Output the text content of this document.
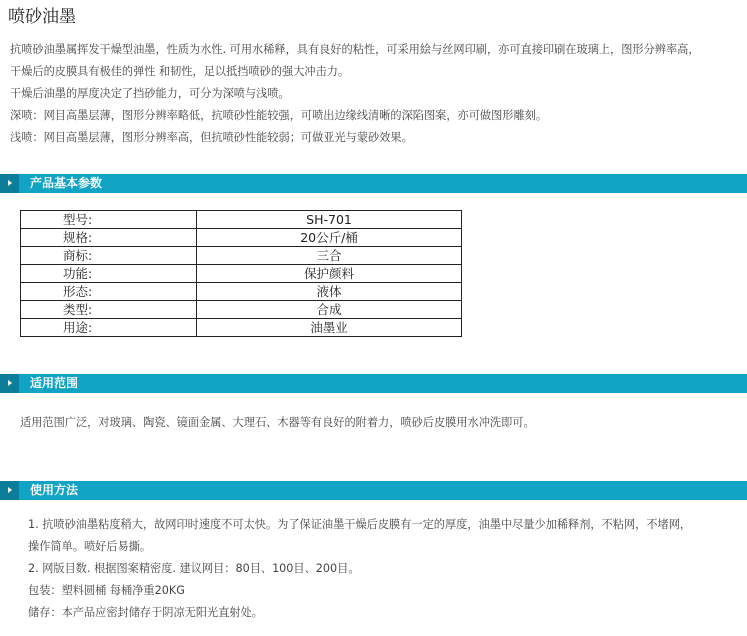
喷砂油墨
抗喷砂油墨属挥发干燥型油墨，性质为水性. 可用水稀释，具有良好的粘性，可采用絵与丝网印刷，亦可直接印刷在玻璃上，图形分辨率高，
干燥后的皮膜具有极佳的弹性 和韧性，足以抵挡喷砂的强大冲击力。
干燥后油墨的厚度决定了挡砂能力，可分为深喷与浅喷。
深喷：网目高墨层薄，图形分辨率略低，抗喷砂性能较强，可喷出边缘线清晰的深陷图案，亦可做图形雕刻。
浅喷：网目高墨层薄，图形分辨率高，但抗喷砂性能较弱；可做亚光与蒙砂效果。
产品基本参数
型号:	SH-701
规格:	20公斤/桶
商标:	三合
功能:	保护颜料
形态:	液体
类型:	合成
用途:	油墨业
适用范围
适用范围广泛，对玻璃、陶瓷、镜面金属、大理石、木器等有良好的附着力，喷砂后皮膜用水冲洗即可。
使用方法
1. 抗喷砂油墨粘度稍大，故网印时速度不可太快。为了保证油墨干燥后皮膜有一定的厚度，油墨中尽量少加稀释剂，不粘网，不堵网，
操作简单。喷好后易撕。
2. 网版目数. 根据图案精密度. 建议网目：80目、100目、200目。
包装：塑料圆桶 每桶净重20KG
储存：本产品应密封储存于阴凉无阳光直射处。
